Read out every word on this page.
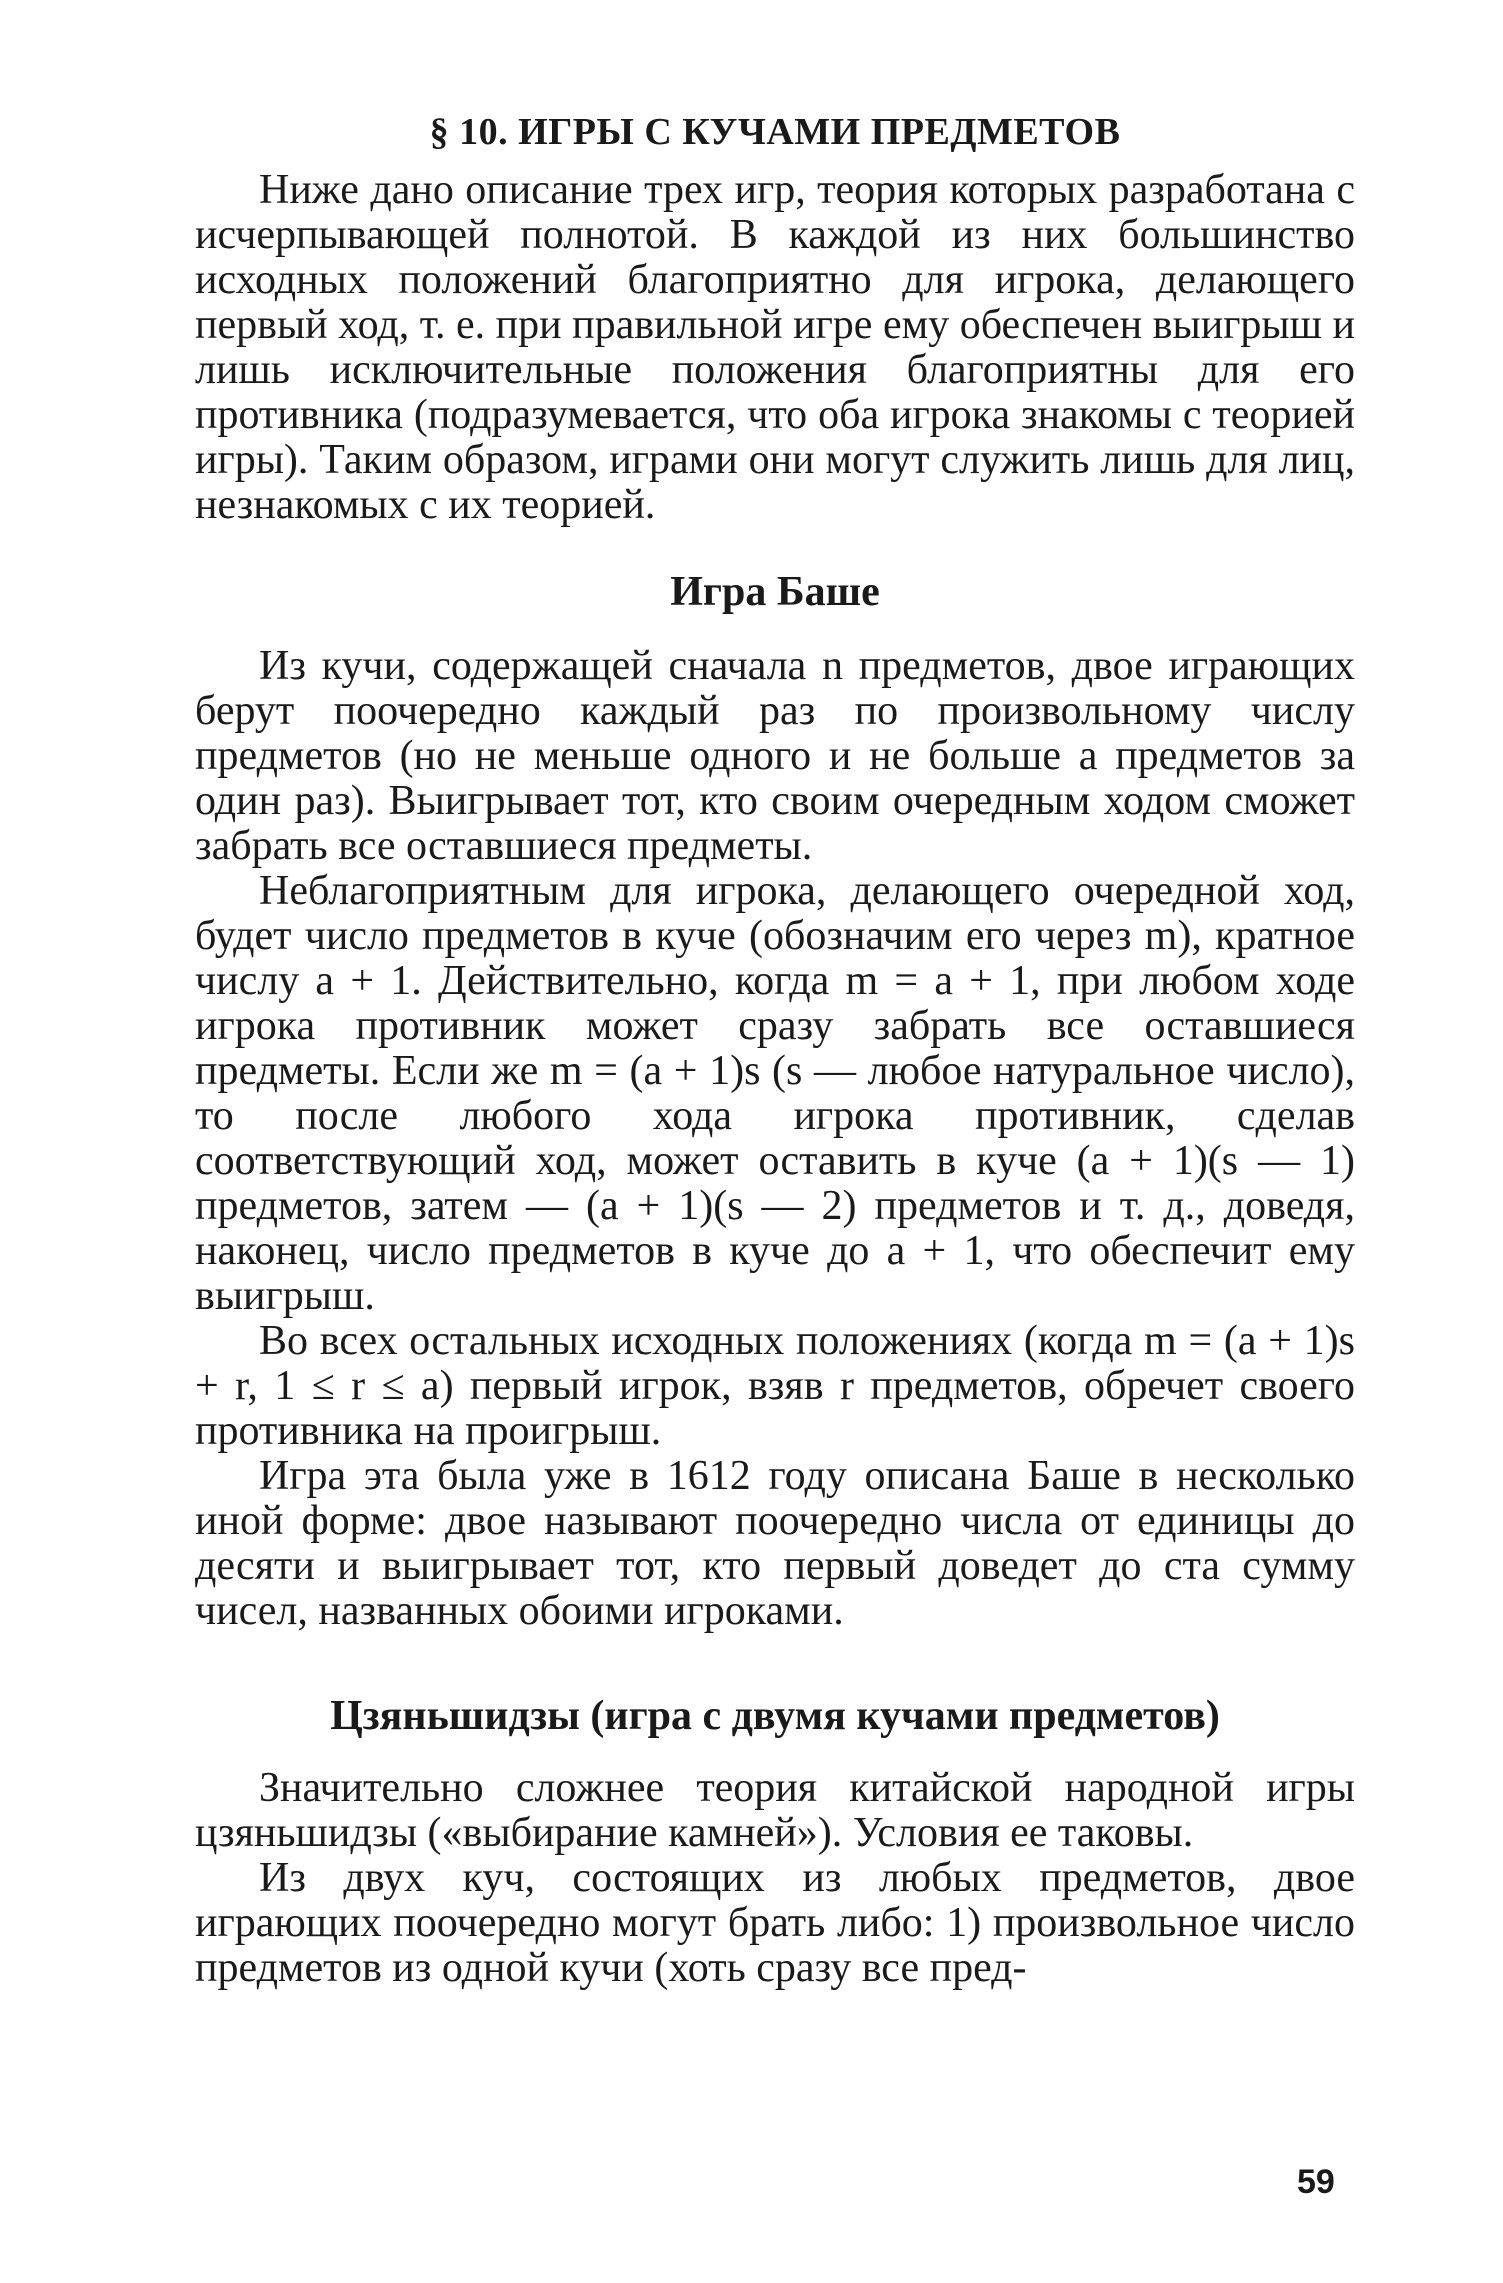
§ 10. ИГРЫ С КУЧАМИ ПРЕДМЕТОВ

Ниже дано описание трех игр, теория которых разработана с исчерпывающей полнотой. В каждой из них большинство исходных положений благоприятно для игрока, делающего первый ход, т. е. при правильной игре ему обеспечен выигрыш и лишь исключительные положения благоприятны для его противника (подразумевается, что оба игрока знакомы с теорией игры). Таким образом, играми они могут служить лишь для лиц, незнакомых с их теорией.

Игра Баше

Из кучи, содержащей сначала n предметов, двое играющих берут поочередно каждый раз по произвольному числу предметов (но не меньше одного и не больше a предметов за один раз). Выигрывает тот, кто своим очередным ходом сможет забрать все оставшиеся предметы.

Неблагоприятным для игрока, делающего очередной ход, будет число предметов в куче (обозначим его через m), кратное числу a + 1. Действительно, когда m = a + 1, при любом ходе игрока противник может сразу забрать все оставшиеся предметы. Если же m = (a + 1)s (s — любое натуральное число), то после любого хода игрока противник, сделав соответствующий ход, может оставить в куче (a + 1)(s — 1) предметов, затем — (a + 1)(s — 2) предметов и т. д., доведя, наконец, число предметов в куче до a + 1, что обеспечит ему выигрыш.

Во всех остальных исходных положениях (когда m = (a + 1)s + r, 1 ≤ r ≤ a) первый игрок, взяв r предметов, обречет своего противника на проигрыш.

Игра эта была уже в 1612 году описана Баше в несколько иной форме: двое называют поочередно числа от единицы до десяти и выигрывает тот, кто первый доведет до ста сумму чисел, названных обоими игроками.

Цзяньшидзы (игра с двумя кучами предметов)

Значительно сложнее теория китайской народной игры цзяньшидзы («выбирание камней»). Условия ее таковы.

Из двух куч, состоящих из любых предметов, двое играющих поочередно могут брать либо: 1) произвольное число предметов из одной кучи (хоть сразу все пред-

59
